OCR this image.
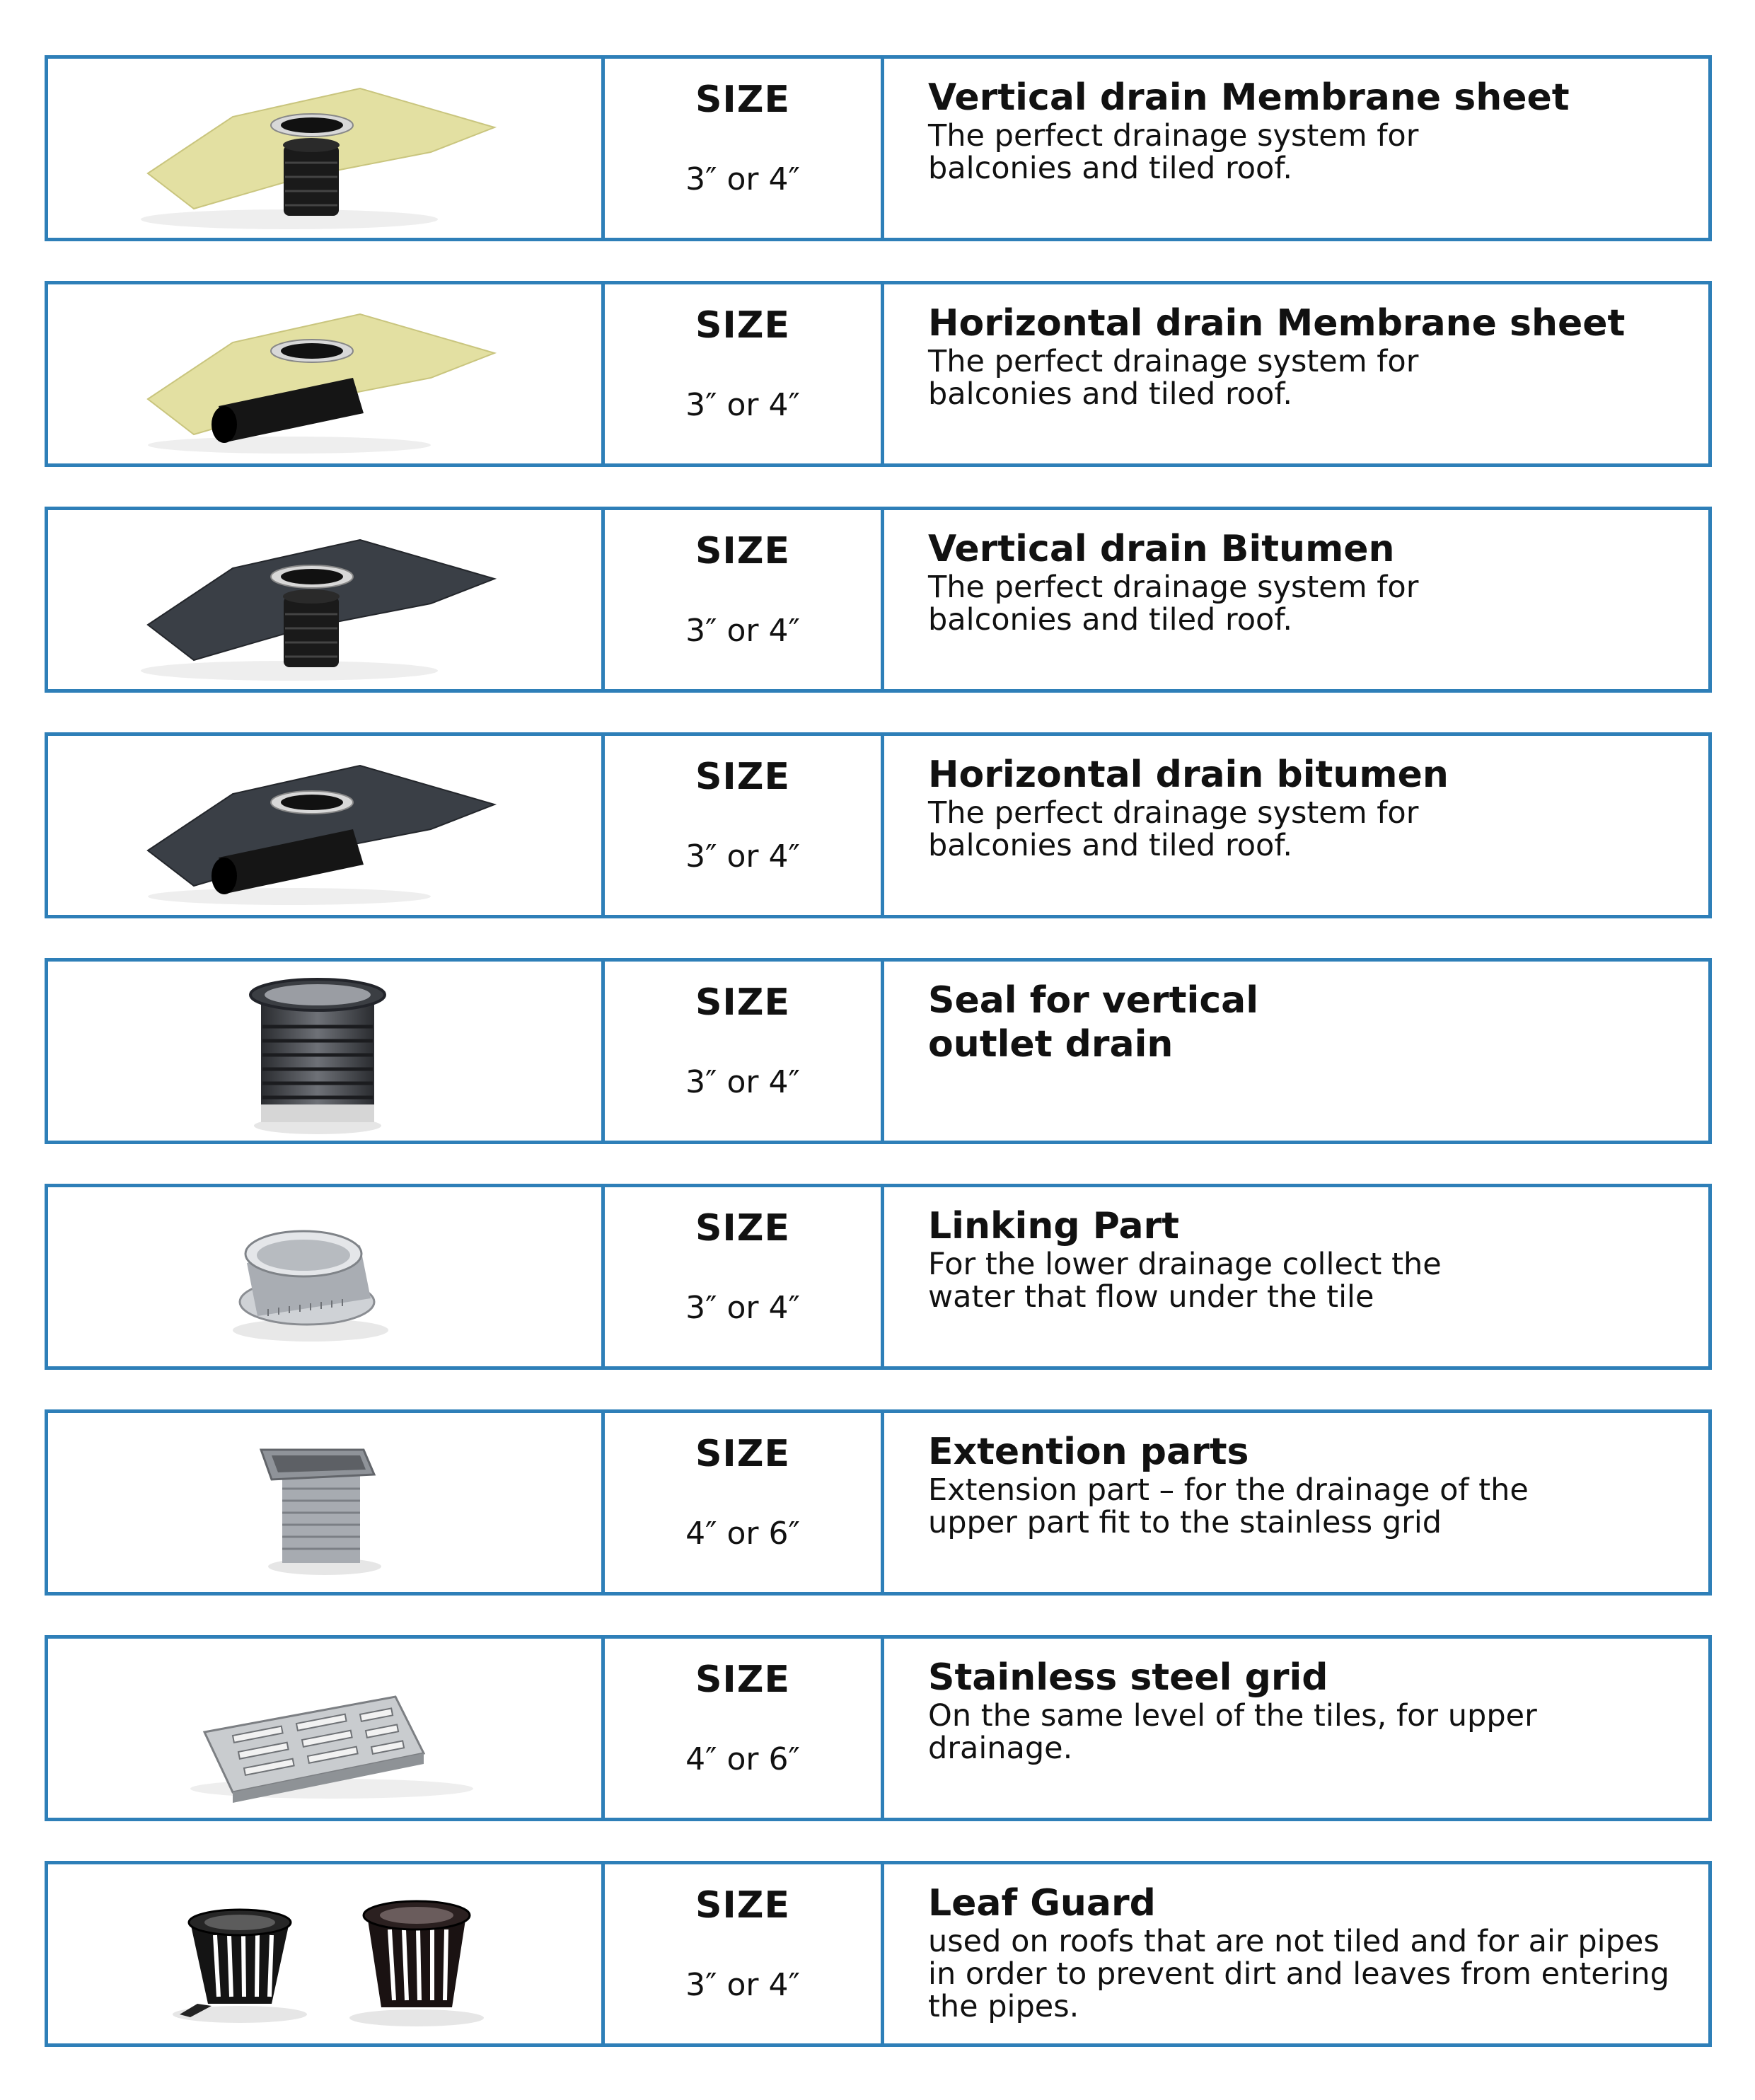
SIZE
3″ or 4″
Vertical drain Membrane sheet
The perfect drainage system for
balconies and tiled roof.
SIZE
3″ or 4″
Horizontal drain Membrane sheet
The perfect drainage system for
balconies and tiled roof.
SIZE
3″ or 4″
Vertical drain Bitumen
The perfect drainage system for
balconies and tiled roof.
SIZE
3″ or 4″
Horizontal drain bitumen
The perfect drainage system for
balconies and tiled roof.
SIZE
3″ or 4″
Seal for vertical
outlet drain
SIZE
3″ or 4″
Linking Part
For the lower drainage collect the
water that flow under the tile
SIZE
4″ or 6″
Extention parts
Extension part – for the drainage of the
upper part fit to the stainless grid
SIZE
4″ or 6″
Stainless steel grid
On the same level of the tiles, for upper
drainage.
SIZE
3″ or 4″
Leaf Guard
used on roofs that are not tiled and for air pipes
in order to prevent dirt and leaves from entering
the pipes.
